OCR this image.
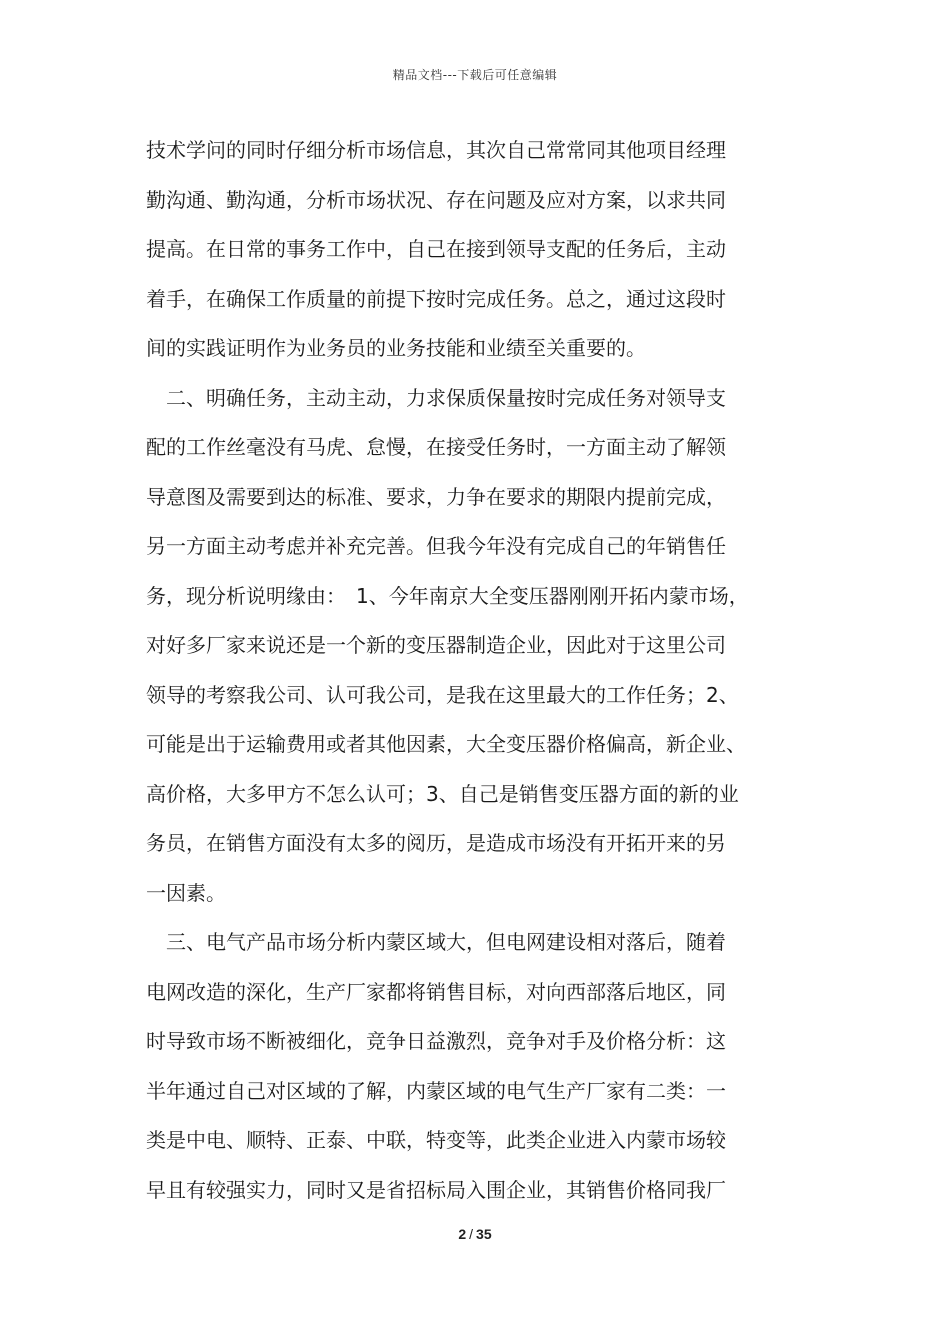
精品文档---下载后可任意编辑
技术学问的同时仔细分析市场信息，其次自己常常同其他项目经理
勤沟通、勤沟通，分析市场状况、存在问题及应对方案，以求共同
提高。在日常的事务工作中，自己在接到领导支配的任务后，主动
着手，在确保工作质量的前提下按时完成任务。总之，通过这段时
间的实践证明作为业务员的业务技能和业绩至关重要的。
　二、明确任务，主动主动，力求保质保量按时完成任务对领导支
配的工作丝毫没有马虎、怠慢，在接受任务时，一方面主动了解领
导意图及需要到达的标准、要求，力争在要求的期限内提前完成，
另一方面主动考虑并补充完善。但我今年没有完成自己的年销售任
务，现分析说明缘由：　1、今年南京大全变压器刚刚开拓内蒙市场，
对好多厂家来说还是一个新的变压器制造企业，因此对于这里公司
领导的考察我公司、认可我公司，是我在这里最大的工作任务；2、
可能是出于运输费用或者其他因素，大全变压器价格偏高，新企业、
高价格，大多甲方不怎么认可；3、自己是销售变压器方面的新的业
务员，在销售方面没有太多的阅历，是造成市场没有开拓开来的另
一因素。
　三、电气产品市场分析内蒙区域大，但电网建设相对落后，随着
电网改造的深化，生产厂家都将销售目标，对向西部落后地区，同
时导致市场不断被细化，竞争日益激烈，竞争对手及价格分析：这
半年通过自己对区域的了解，内蒙区域的电气生产厂家有二类：一
类是中电、顺特、正泰、中联，特变等，此类企业进入内蒙市场较
早且有较强实力，同时又是省招标局入围企业，其销售价格同我厂
2 / 35
